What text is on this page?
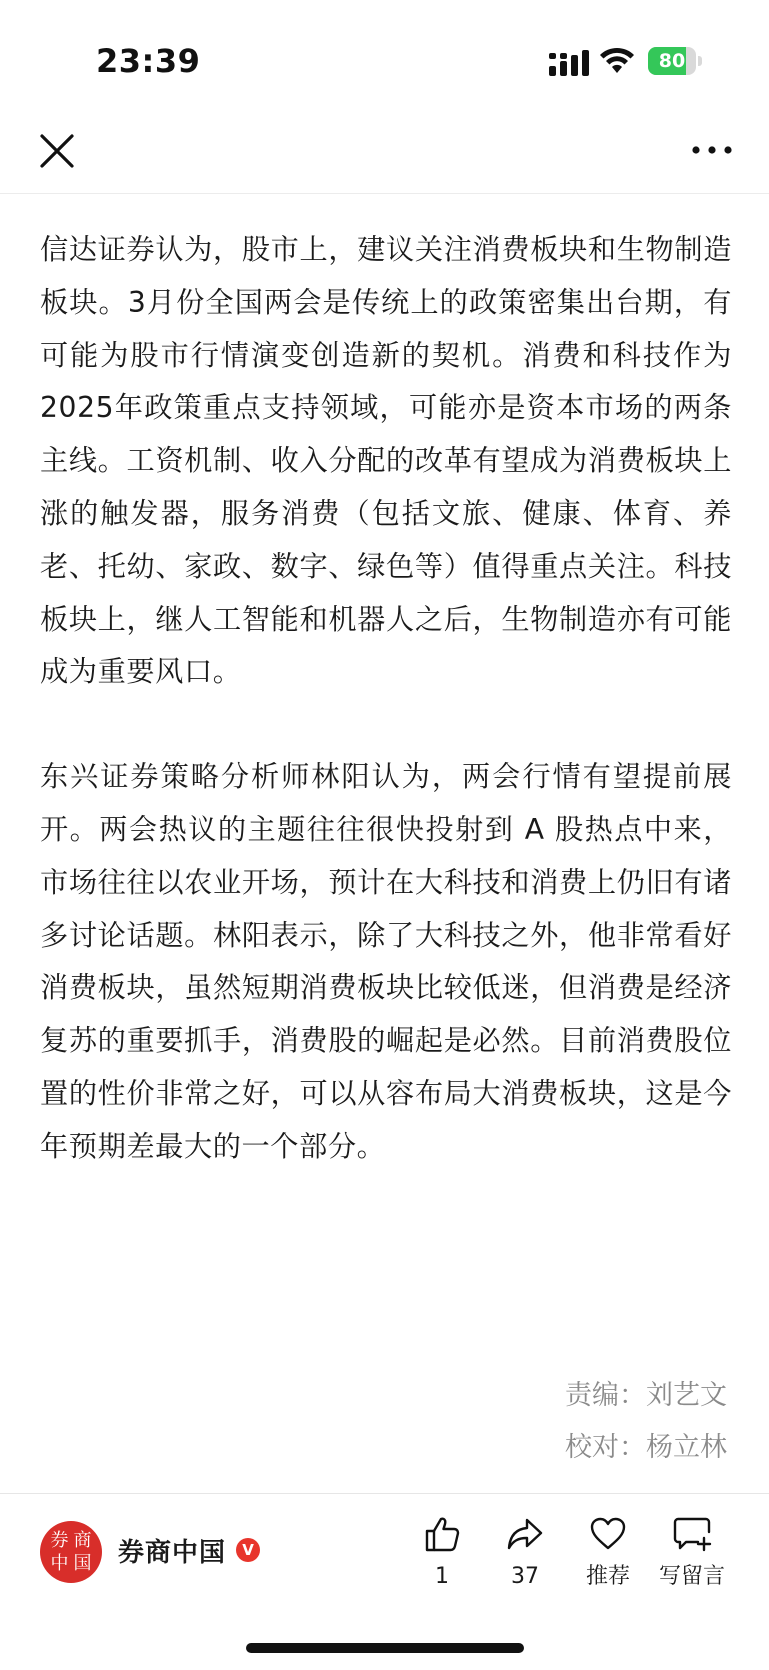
23:39	80

信达证券认为，股市上，建议关注消费板块和生物制造板块。3月份全国两会是传统上的政策密集出台期，有可能为股市行情演变创造新的契机。消费和科技作为2025年政策重点支持领域，可能亦是资本市场的两条主线。工资机制、收入分配的改革有望成为消费板块上涨的触发器，服务消费（包括文旅、健康、体育、养老、托幼、家政、数字、绿色等）值得重点关注。科技板块上，继人工智能和机器人之后，生物制造亦有可能成为重要风口。

东兴证券策略分析师林阳认为，两会行情有望提前展开。两会热议的主题往往很快投射到 A 股热点中来，市场往往以农业开场，预计在大科技和消费上仍旧有诸多讨论话题。林阳表示，除了大科技之外，他非常看好消费板块，虽然短期消费板块比较低迷，但消费是经济复苏的重要抓手，消费股的崛起是必然。目前消费股位置的性价非常之好，可以从容布局大消费板块，这是今年预期差最大的一个部分。

责编：刘艺文
校对：杨立林
券 商
中 国 券商中国	V
1	37	推荐	写留言
